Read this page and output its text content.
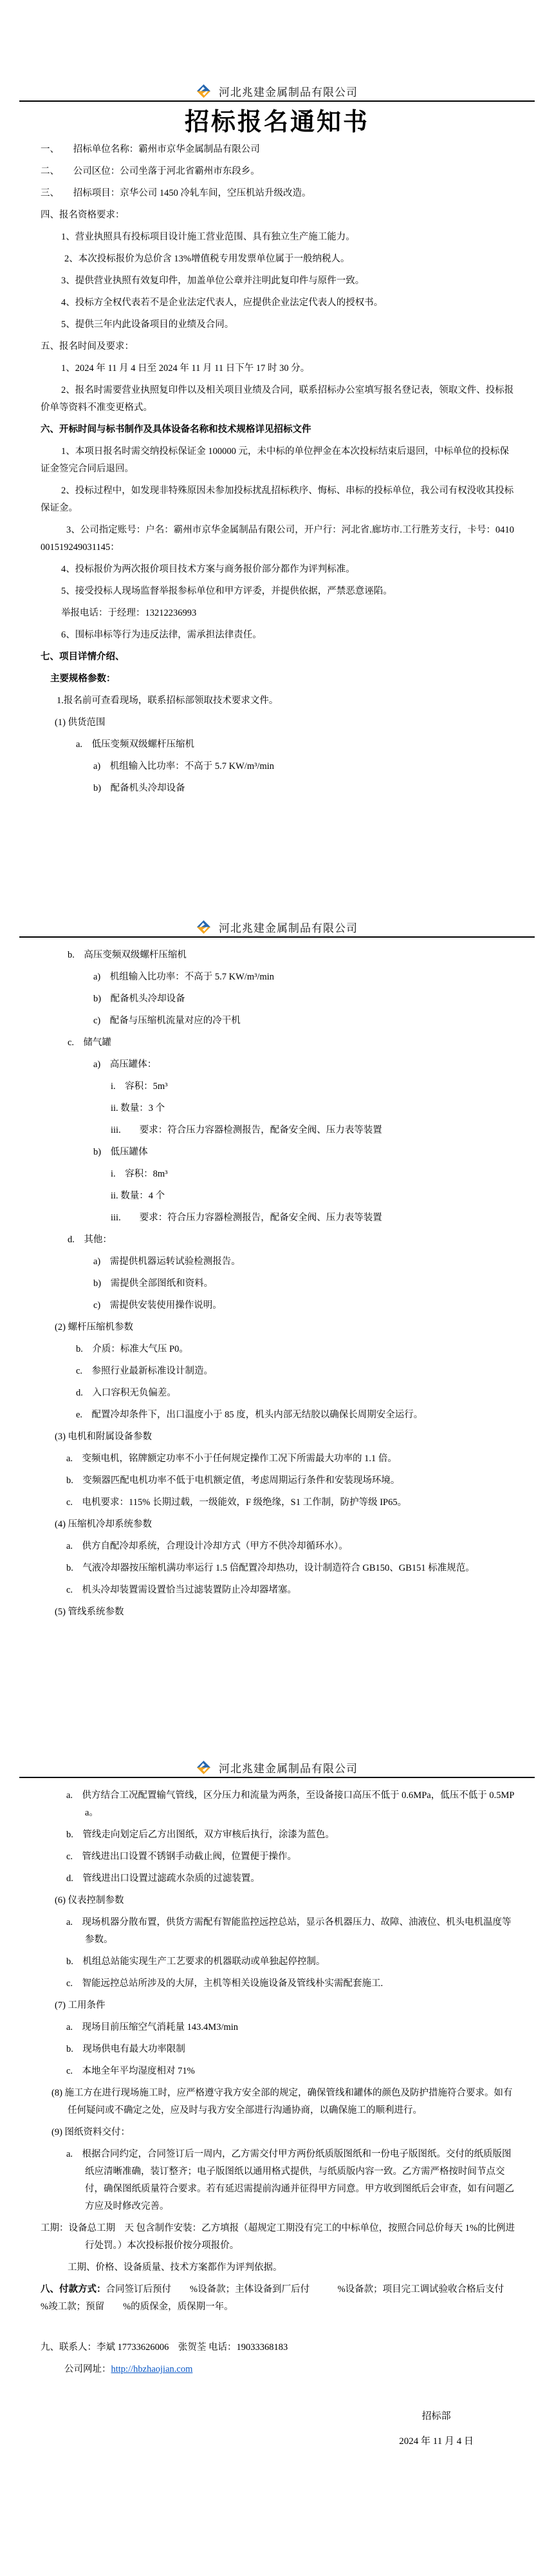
河北兆建金属制品有限公司
招标报名通知书
一、　　招标单位名称：霸州市京华金属制品有限公司
二、　　公司区位：公司坐落于河北省霸州市东段乡。
三、　　招标项目：京华公司 1450 冷轧车间，空压机站升级改造。
四、报名资格要求：
1、营业执照具有投标项目设计施工营业范围、具有独立生产施工能力。
2、本次投标报价为总价含 13%增值税专用发票单位属于一般纳税人。
3、提供营业执照有效复印件，加盖单位公章并注明此复印件与原件一致。
4、投标方全权代表若不是企业法定代表人，应提供企业法定代表人的授权书。
5、提供三年内此设备项目的业绩及合同。
五、报名时间及要求：
1、2024 年 11 月 4 日至 2024 年 11 月 11 日下午 17 时 30 分。
2、报名时需要营业执照复印件以及相关项目业绩及合同，联系招标办公室填写报名登记表，领取文件、投标报价单等资料不准变更格式。
六、开标时间与标书制作及具体设备名称和技术规格详见招标文件
1、本项日报名时需交纳投标保证金 100000 元，未中标的单位押金在本次投标结束后退回，中标单位的投标保证金签完合同后退回。
2、投标过程中，如发现非特殊原因未参加投标扰乱招标秩序、悔标、串标的投标单位，我公司有权没收其投标保证金。
3、公司指定账号：户名：霸州市京华金属制品有限公司，开户行：河北省.廊坊市.工行胜芳支行，卡号：0410001519249031145：
4、投标报价为两次报价项目技术方案与商务报价部分都作为评判标准。
5、接受投标人现场监督举报参标单位和甲方评委，并提供依据，严禁恶意诬陷。
举报电话：于经理：13212236993
6、围标串标等行为违反法律，需承担法律责任。
七、项目详情介绍、
主要规格参数：
1.报名前可查看现场，联系招标部领取技术要求文件。
(1) 供货范围
a.　低压变频双级螺杆压缩机
a)　机组输入比功率：不高于 5.7 KW/m³/min
b)　配备机头冷却设备
河北兆建金属制品有限公司
b.　高压变频双级螺杆压缩机
a)　机组输入比功率：不高于 5.7 KW/m³/min
b)　配备机头冷却设备
c)　配备与压缩机流量对应的冷干机
c.　储气罐
a)　高压罐体：
i.　容积：5m³
ii. 数量：3 个
iii.　　要求：符合压力容器检测报告，配备安全阀、压力表等装置
b)　低压罐体
i.　容积：8m³
ii. 数量：4 个
iii.　　要求：符合压力容器检测报告，配备安全阀、压力表等装置
d.　其他：
a)　需提供机器运转试验检测报告。
b)　需提供全部图纸和资料。
c)　需提供安装使用操作说明。
(2) 螺杆压缩机参数
b.　介质：标准大气压 P0。
c.　参照行业最新标准设计制造。
d.　入口容积无负偏差。
e.　配置冷却条件下，出口温度小于 85 度，机头内部无结胶以确保长周期安全运行。
(3) 电机和附属设备参数
a.　变频电机，铭牌额定功率不小于任何规定操作工况下所需最大功率的 1.1 倍。
b.　变频器匹配电机功率不低于电机额定值，考虑周期运行条件和安装现场环境。
c.　电机要求：115% 长期过载，一级能效，F 级绝缘，S1 工作制，防护等级 IP65。
(4) 压缩机冷却系统参数
a.　供方自配冷却系统，合理设计冷却方式（甲方不供冷却循环水）。
b.　气液冷却器按压缩机满功率运行 1.5 倍配置冷却热功，设计制造符合 GB150、GB151 标准规范。
c.　机头冷却装置需设置恰当过滤装置防止冷却器堵塞。
(5) 管线系统参数
河北兆建金属制品有限公司
a.　供方结合工况配置输气管线，区分压力和流量为两条，至设备接口高压不低于 0.6MPa，低压不低于 0.5MPa。
b.　管线走向划定后乙方出图纸，双方审核后执行，涂漆为蓝色。
c.　管线进出口设置不锈钢手动截止阀，位置便于操作。
d.　管线进出口设置过滤疏水杂质的过滤装置。
(6) 仪表控制参数
a.　现场机器分散布置，供货方需配有智能监控远控总站，显示各机器压力、故障、油液位、机头电机温度等参数。
b.　机组总站能实现生产工艺要求的机器联动或单独起停控制。
c.　智能远控总站所涉及的大屏，主机等相关设施设备及管线朴实需配套施工.
(7) 工用条件
a.　现场目前压缩空气消耗量 143.4M3/min
b.　现场供电有最大功率限制
c.　本地全年平均湿度相对 71%
(8) 施工方在进行现场施工时，应严格遵守我方安全部的规定，确保管线和罐体的颜色及防护措施符合要求。如有任何疑问或不确定之处，应及时与我方安全部进行沟通协商，以确保施工的顺利进行。
(9) 图纸资料交付：
a.　根据合同约定，合同签订后一周内，乙方需交付甲方两份纸质版图纸和一份电子版图纸。交付的纸质版图纸应清晰准确，装订整齐；电子版图纸以通用格式提供，与纸质版内容一致。乙方需严格按时间节点交付，确保图纸质量符合要求。若有延迟需提前沟通并征得甲方同意。甲方收到图纸后会审查，如有问题乙方应及时修改完善。
工期：设备总工期　天 包含制作安装：乙方填报（超规定工期没有完工的中标单位，按照合同总价每天 1%的比例进行处罚。）本次投标报价按分项报价。
工期、价格、设备质量、技术方案都作为评判依据。
八、付款方式：合同签订后预付　　%设备款；主体设备到厂后付　　　%设备款；项目完工调试验收合格后支付　%竣工款；预留　　%的质保金，质保期一年。
九、联系人：李斌 17733626006　张贺荃 电话：19033368183
公司网址：http://hbzhaojian.com
招标部
2024 年 11 月 4 日
